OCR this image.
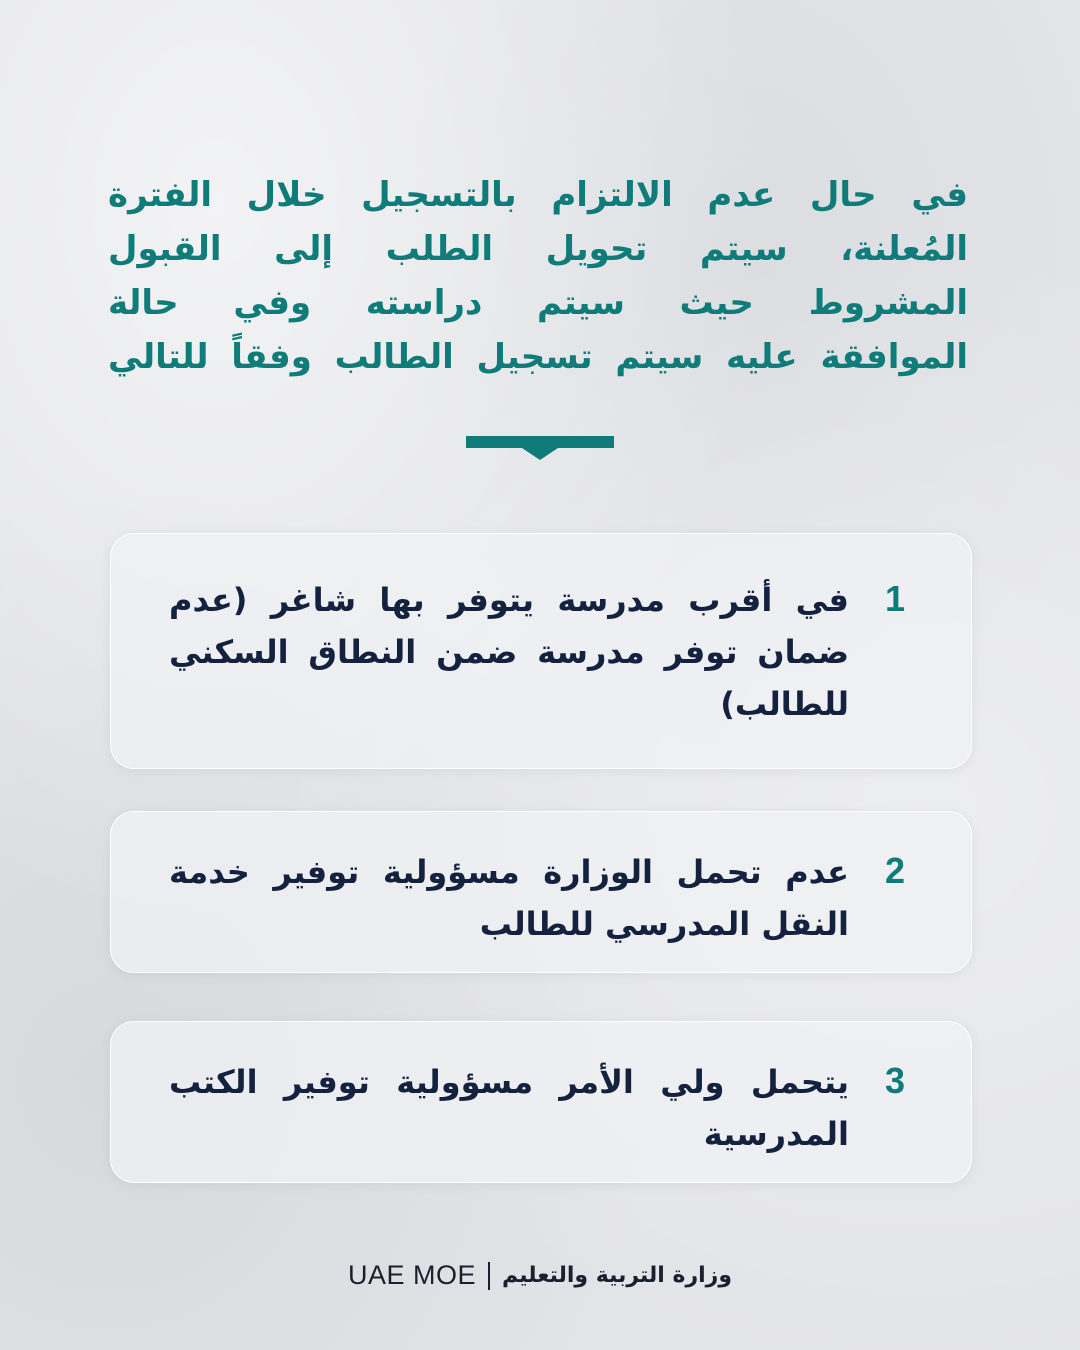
في حال عدم الالتزام بالتسجيل خلال الفترة
المُعلنة، سيتم تحويل الطلب إلى القبول
المشروط حيث سيتم دراسته وفي حالة
الموافقة عليه سيتم تسجيل الطالب وفقاً للتالي
1
في أقرب مدرسة يتوفر بها شاغر (عدم ضمان توفر مدرسة ضمن النطاق السكني للطالب)
2
عدم تحمل الوزارة مسؤولية توفير خدمة النقل المدرسي للطالب
3
يتحمل ولي الأمر مسؤولية توفير الكتب المدرسية
UAE MOE وزارة التربية والتعليم
